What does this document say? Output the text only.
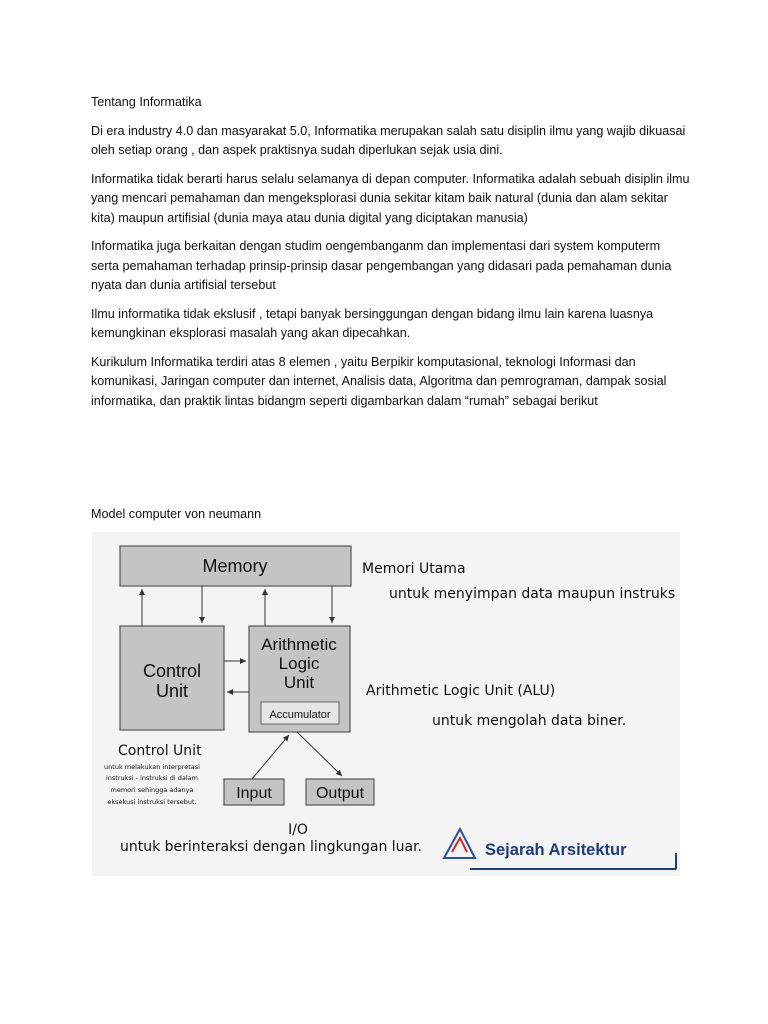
Tentang Informatika

Di era industry 4.0 dan masyarakat 5.0, Informatika merupakan salah satu disiplin ilmu yang wajib dikuasai oleh setiap orang , dan aspek praktisnya sudah diperlukan sejak usia dini.

Informatika tidak berarti harus selalu selamanya di depan computer. Informatika adalah sebuah disiplin ilmu yang mencari pemahaman dan mengeksplorasi dunia sekitar kitam baik natural (dunia dan alam sekitar kita) maupun artifisial (dunia maya atau dunia digital yang diciptakan manusia)

Informatika juga berkaitan dengan studim oengembanganm dan implementasi dari system komputerm serta pemahaman terhadap prinsip-prinsip dasar pengembangan yang didasari pada pemahaman dunia nyata dan dunia artifisial tersebut

Ilmu informatika tidak ekslusif , tetapi banyak bersinggungan dengan bidang ilmu lain karena luasnya kemungkinan eksplorasi masalah yang akan dipecahkan.

Kurikulum Informatika terdiri atas 8 elemen , yaitu Berpikir komputasional, teknologi Informasi dan komunikasi, Jaringan computer dan internet, Analisis data, Algoritma dan pemrograman, dampak sosial informatika, dan praktik lintas bidangm seperti digambarkan dalam “rumah” sebagai berikut

Model computer von neumann
Memory
Control
Unit
Arithmetic
Logic
Unit
Accumulator
Input	Output
Memori Utama
untuk menyimpan data maupun instruks
Arithmetic Logic Unit (ALU)
untuk mengolah data biner.
Control Unit
untuk melakukan interpretasi
instruksi - instruksi di dalam
memori sehingga adanya
eksekusi instruksi tersebut.
I/O
untuk berinteraksi dengan lingkungan luar.	Sejarah Arsitektur
